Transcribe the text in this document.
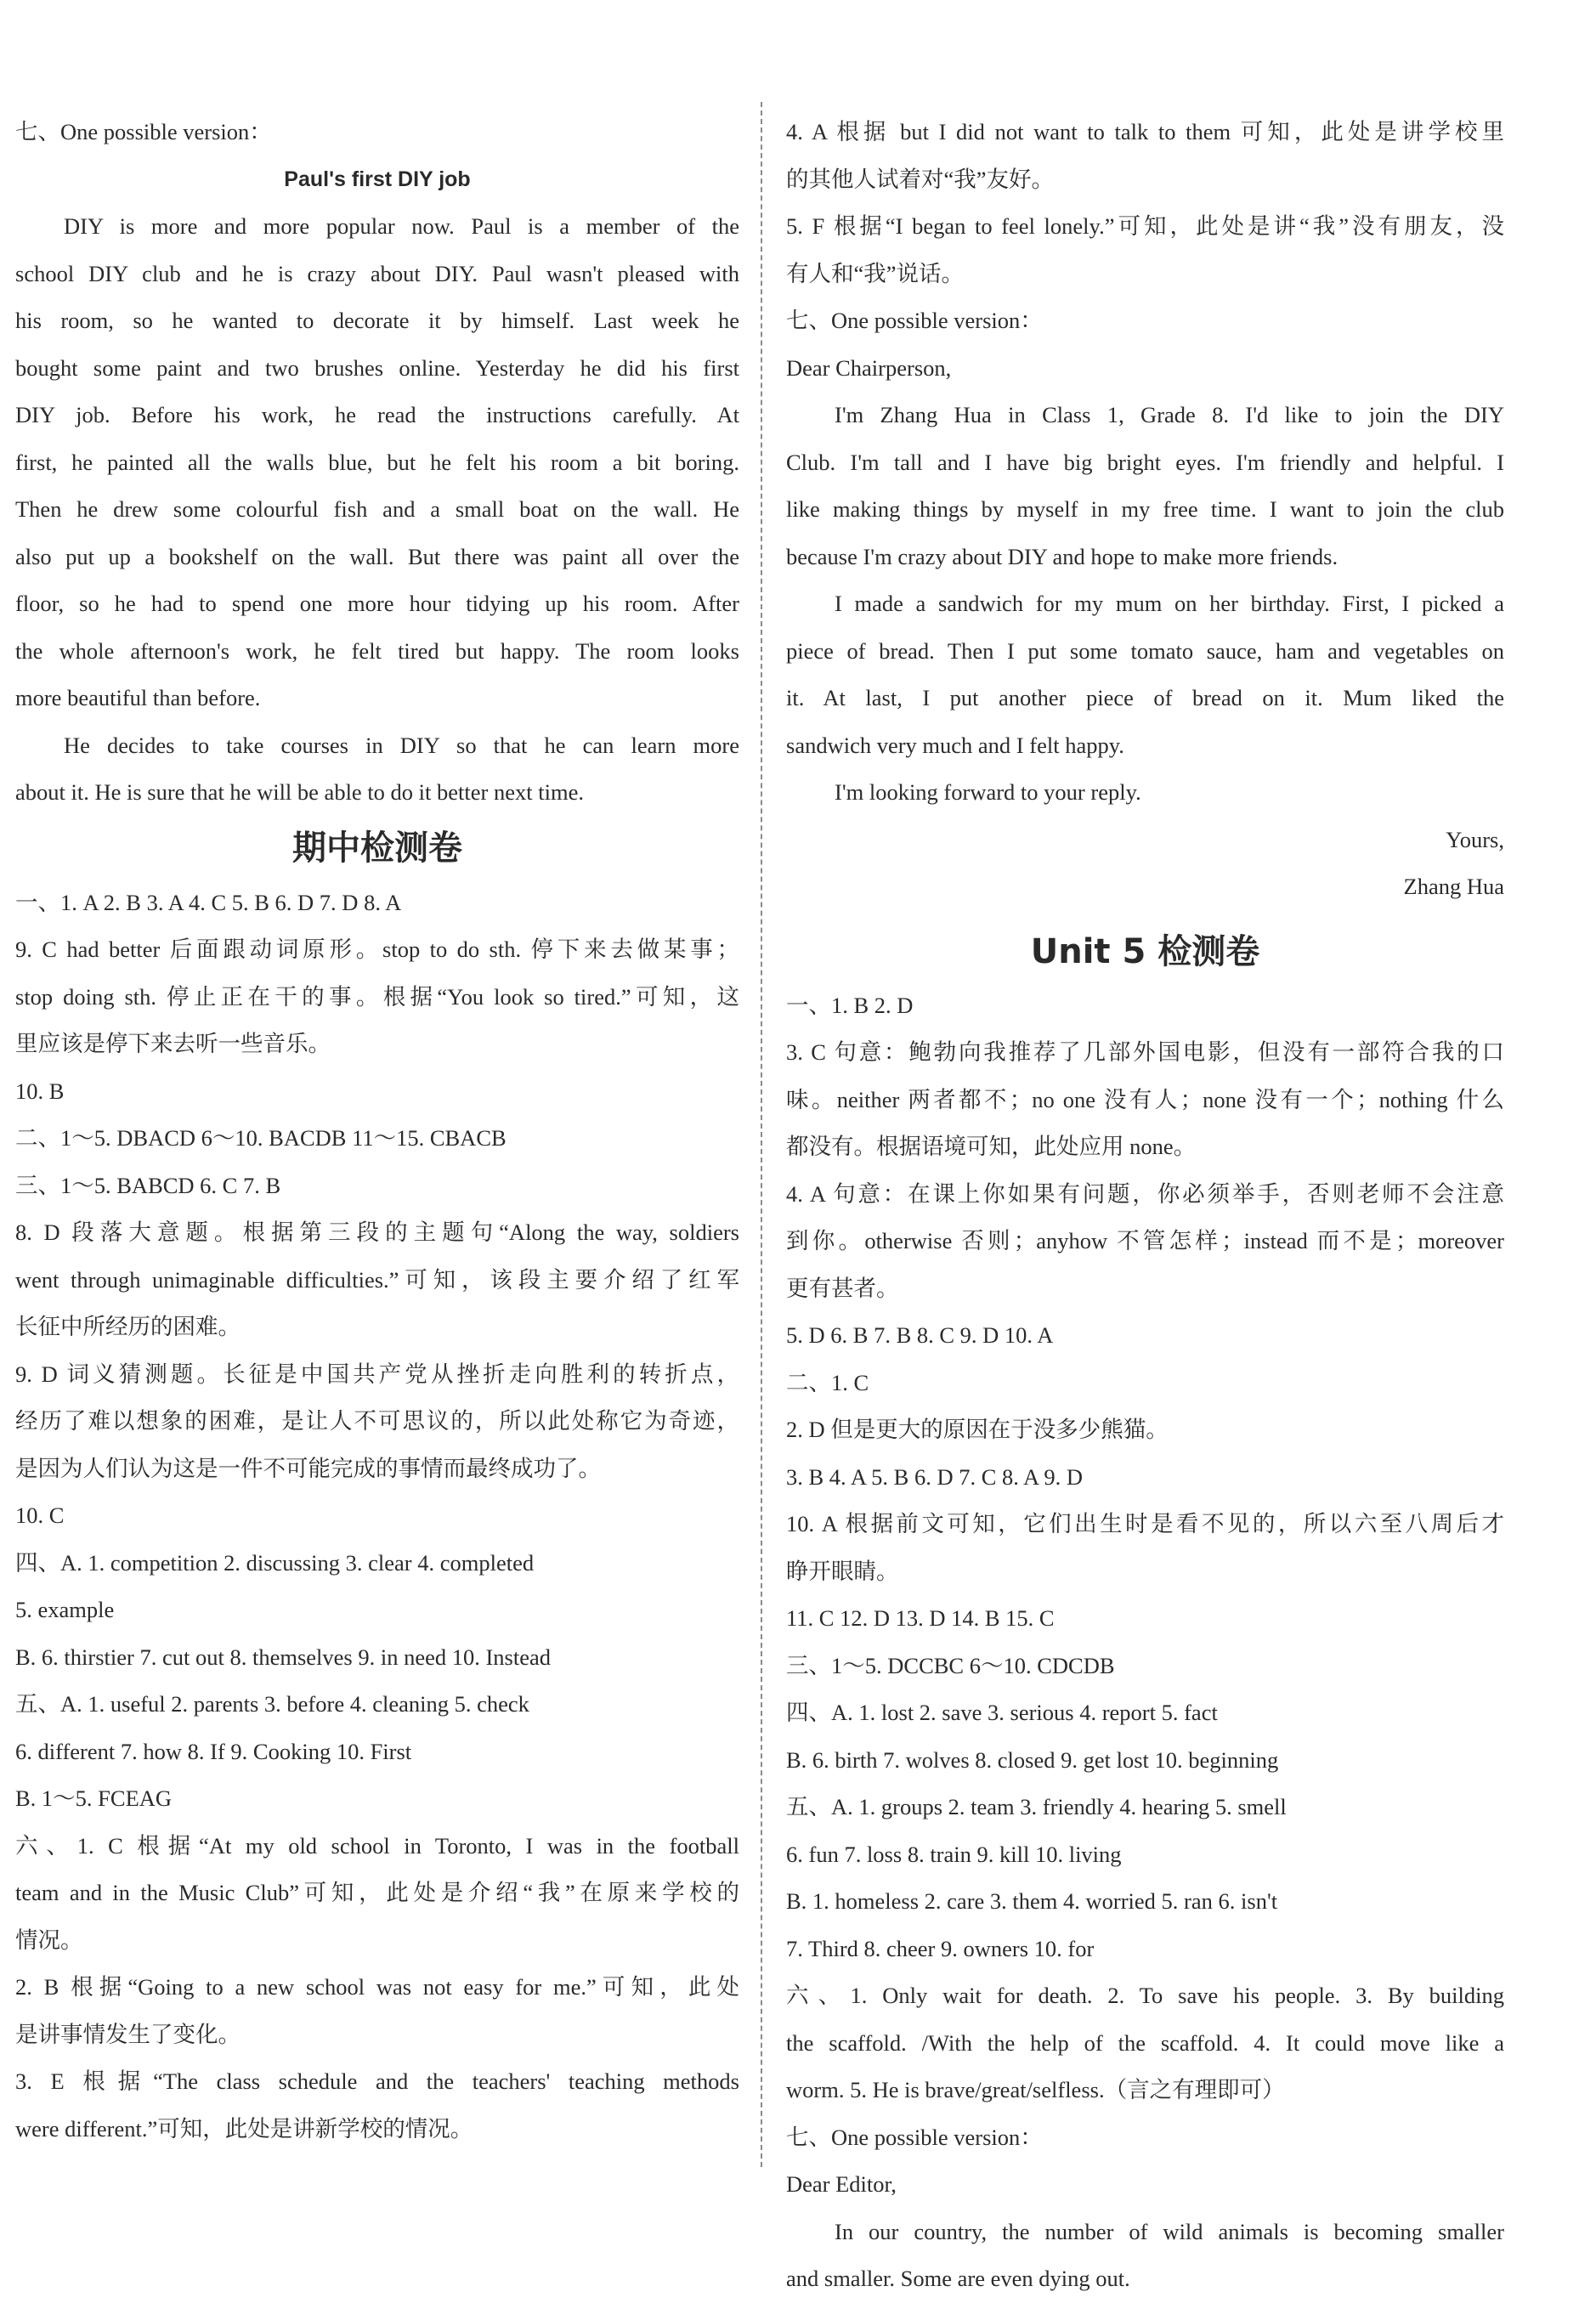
七、One possible version：
Paul's first DIY job
DIY is more and more popular now. Paul is a member of the
school DIY club and he is crazy about DIY. Paul wasn't pleased with
his room, so he wanted to decorate it by himself. Last week he
bought some paint and two brushes online. Yesterday he did his first
DIY job. Before his work, he read the instructions carefully. At
first, he painted all the walls blue, but he felt his room a bit boring.
Then he drew some colourful fish and a small boat on the wall. He
also put up a bookshelf on the wall. But there was paint all over the
floor, so he had to spend one more hour tidying up his room. After
the whole afternoon's work, he felt tired but happy. The room looks
more beautiful than before.
He decides to take courses in DIY so that he can learn more
about it. He is sure that he will be able to do it better next time.
期中检测卷
一、1. A 2. B 3. A 4. C 5. B 6. D 7. D 8. A
9. C had better 后面跟动词原形。stop to do sth. 停下来去做某事；
stop doing sth. 停止正在干的事。根据“You look so tired.”可知，这
里应该是停下来去听一些音乐。
10. B
二、1～5. DBACD 6～10. BACDB 11～15. CBACB
三、1～5. BABCD 6. C 7. B
8. D 段落大意题。根据第三段的主题句“Along the way, soldiers
went through unimaginable difficulties.”可知，该段主要介绍了红军
长征中所经历的困难。
9. D 词义猜测题。长征是中国共产党从挫折走向胜利的转折点，
经历了难以想象的困难，是让人不可思议的，所以此处称它为奇迹，
是因为人们认为这是一件不可能完成的事情而最终成功了。
10. C
四、A. 1. competition 2. discussing 3. clear 4. completed
5. example
B. 6. thirstier 7. cut out 8. themselves 9. in need 10. Instead
五、A. 1. useful 2. parents 3. before 4. cleaning 5. check
6. different 7. how 8. If 9. Cooking 10. First
B. 1～5. FCEAG
六、1. C 根据“At my old school in Toronto, I was in the football
team and in the Music Club”可知，此处是介绍“我”在原来学校的
情况。
2. B 根据“Going to a new school was not easy for me.”可知，此处
是讲事情发生了变化。
3. E 根据“The class schedule and the teachers' teaching methods
were different.”可知，此处是讲新学校的情况。
4. A 根据 but I did not want to talk to them 可知，此处是讲学校里
的其他人试着对“我”友好。
5. F 根据“I began to feel lonely.”可知，此处是讲“我”没有朋友，没
有人和“我”说话。
七、One possible version：
Dear Chairperson,
I'm Zhang Hua in Class 1, Grade 8. I'd like to join the DIY
Club. I'm tall and I have big bright eyes. I'm friendly and helpful. I
like making things by myself in my free time. I want to join the club
because I'm crazy about DIY and hope to make more friends.
I made a sandwich for my mum on her birthday. First, I picked a
piece of bread. Then I put some tomato sauce, ham and vegetables on
it. At last, I put another piece of bread on it. Mum liked the
sandwich very much and I felt happy.
I'm looking forward to your reply.
Yours,
Zhang Hua
Unit 5 检测卷
一、1. B 2. D
3. C 句意：鲍勃向我推荐了几部外国电影，但没有一部符合我的口
味。neither 两者都不；no one 没有人；none 没有一个；nothing 什么
都没有。根据语境可知，此处应用 none。
4. A 句意：在课上你如果有问题，你必须举手，否则老师不会注意
到你。otherwise 否则；anyhow 不管怎样；instead 而不是；moreover
更有甚者。
5. D 6. B 7. B 8. C 9. D 10. A
二、1. C
2. D 但是更大的原因在于没多少熊猫。
3. B 4. A 5. B 6. D 7. C 8. A 9. D
10. A 根据前文可知，它们出生时是看不见的，所以六至八周后才
睁开眼睛。
11. C 12. D 13. D 14. B 15. C
三、1～5. DCCBC 6～10. CDCDB
四、A. 1. lost 2. save 3. serious 4. report 5. fact
B. 6. birth 7. wolves 8. closed 9. get lost 10. beginning
五、A. 1. groups 2. team 3. friendly 4. hearing 5. smell
6. fun 7. loss 8. train 9. kill 10. living
B. 1. homeless 2. care 3. them 4. worried 5. ran 6. isn't
7. Third 8. cheer 9. owners 10. for
六、1. Only wait for death. 2. To save his people. 3. By building
the scaffold. /With the help of the scaffold. 4. It could move like a
worm. 5. He is brave/great/selfless.（言之有理即可）
七、One possible version：
Dear Editor,
In our country, the number of wild animals is becoming smaller
and smaller. Some are even dying out.
